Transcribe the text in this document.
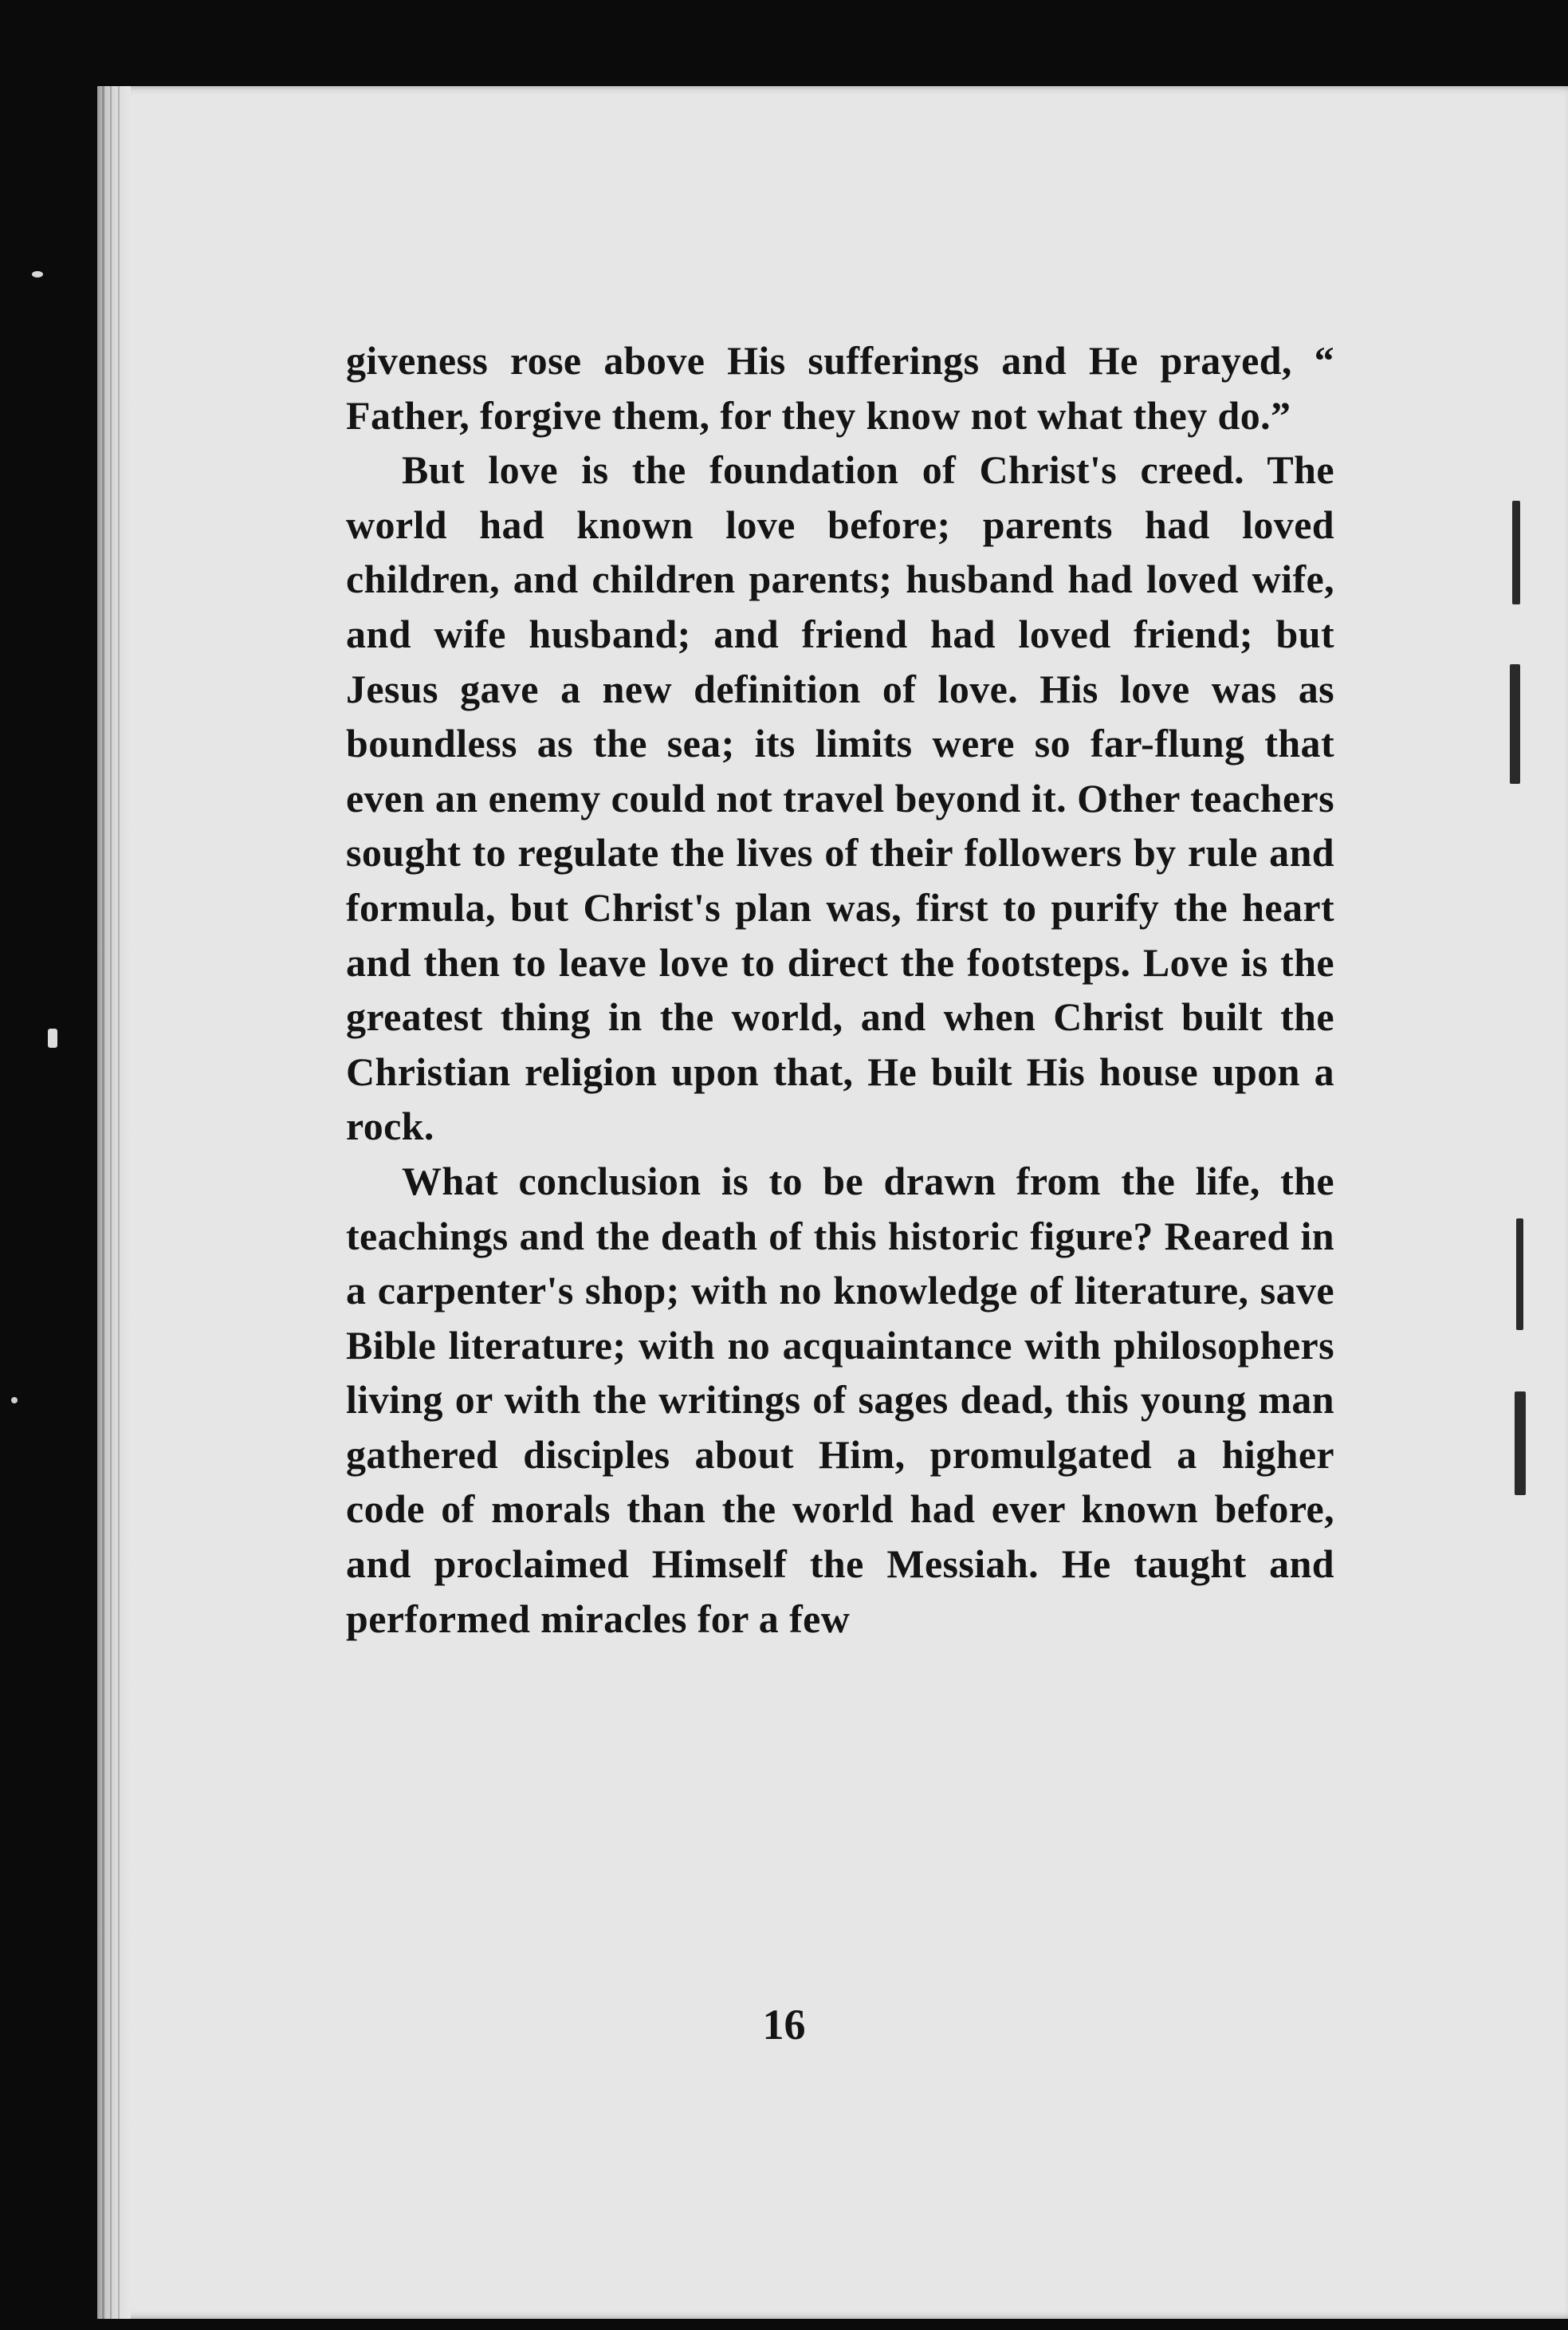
giveness rose above His sufferings and He prayed, “ Father, forgive them, for they know not what they do.”

But love is the foundation of Christ's creed. The world had known love before; parents had loved children, and children parents; husband had loved wife, and wife husband; and friend had loved friend; but Jesus gave a new definition of love. His love was as boundless as the sea; its limits were so far-flung that even an enemy could not travel beyond it. Other teachers sought to regulate the lives of their followers by rule and formula, but Christ's plan was, first to purify the heart and then to leave love to direct the footsteps. Love is the greatest thing in the world, and when Christ built the Christian religion upon that, He built His house upon a rock.

What conclusion is to be drawn from the life, the teachings and the death of this historic figure? Reared in a carpenter's shop; with no knowledge of literature, save Bible literature; with no acquaintance with philosophers living or with the writings of sages dead, this young man gathered disciples about Him, promulgated a higher code of morals than the world had ever known before, and proclaimed Himself the Messiah. He taught and performed miracles for a few

16
